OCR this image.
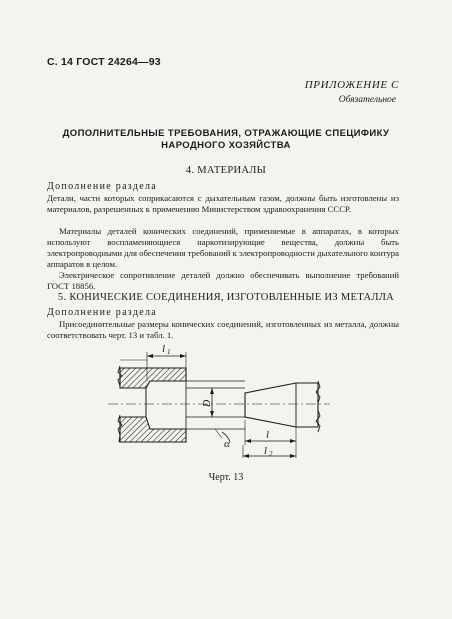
С. 14 ГОСТ 24264—93
ПРИЛОЖЕНИЕ С
Обязательное
ДОПОЛНИТЕЛЬНЫЕ ТРЕБОВАНИЯ, ОТРАЖАЮЩИЕ СПЕЦИФИКУ
НАРОДНОГО ХОЗЯЙСТВА
4. МАТЕРИАЛЫ
Дополнение раздела
Детали, части которых соприкасаются с дыхательным газом, должны быть изготовлены из материалов, разрешенных к применению Министерством здравоохранения СССР.
Материалы деталей конических соединений, применяемые в аппаратах, в которых используют воспламеняющиеся наркотизирующие вещества, должны быть электропроводными для обеспечения требований к электропроводности дыхательного контура аппаратов в целом.
Электрическое сопротивление деталей должно обеспечивать выполнение требований ГОСТ 18856.
5. КОНИЧЕСКИЕ СОЕДИНЕНИЯ, ИЗГОТОВЛЕННЫЕ ИЗ МЕТАЛЛА
Дополнение раздела
Присоединительные размеры конических соединений, изготовленных из металла, должны соответствовать черт. 13 и табл. 1.
l 1
D
α
l
l 2
Черт. 13
